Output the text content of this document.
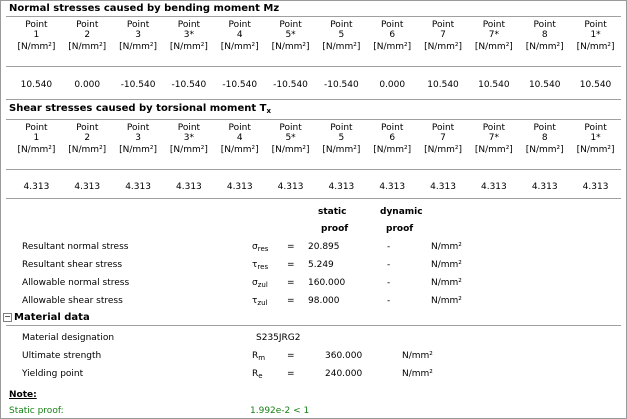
Normal stresses caused by bending moment Mz
Point	Point	Point	Point	Point	Point	Point	Point	Point	Point	Point	Point
1	2	3	3*	4	5*	5	6	7	7*	8	1*
[N/mm²]	[N/mm²]	[N/mm²]	[N/mm²]	[N/mm²]	[N/mm²]	[N/mm²]	[N/mm²]	[N/mm²]	[N/mm²]	[N/mm²]	[N/mm²]
10.540	0.000	-10.540	-10.540	-10.540	-10.540	-10.540	0.000	10.540	10.540	10.540	10.540
Shear stresses caused by torsional moment $T_x$
Point	Point	Point	Point	Point	Point	Point	Point	Point	Point	Point	Point
1	2	3	3*	4	5*	5	6	7	7*	8	1*
[N/mm²]	[N/mm²]	[N/mm²]	[N/mm²]	[N/mm²]	[N/mm²]	[N/mm²]	[N/mm²]	[N/mm²]	[N/mm²]	[N/mm²]	[N/mm²]
4.313	4.313	4.313	4.313	4.313	4.313	4.313	4.313	4.313	4.313	4.313	4.313
static	dynamic
proof	proof
Resultant normal stress	$\sigma_{res} = 20.895$	-	N/mm²
Resultant shear stress	$\tau_{res} = 5.249$	-	N/mm²
Allowable normal stress	$\sigma_{zul} = 160.000$	-	N/mm²
Allowable shear stress	$\tau_{zul} = 98.000$	-	N/mm²
− Material data
Material designation	S235JRG2
Ultimate strength	$R_m$ =	360.000	N/mm²
Yielding point	$R_e$	=	240.000	N/mm²
Note:
Static proof:	1.992e-2 < 1
